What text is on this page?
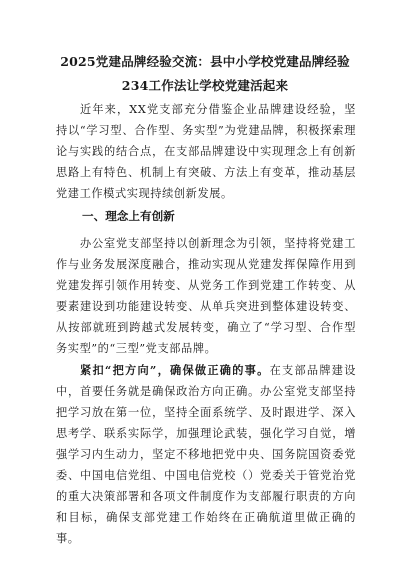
2025党建品牌经验交流：县中小学校党建品牌经验234工作法让学校党建活起来
近年来，XX党支部充分借鉴企业品牌建设经验，坚持以“学习型、合作型、务实型”为党建品牌，积极探索理论与实践的结合点，在支部品牌建设中实现理念上有创新思路上有特色、机制上有突破、方法上有变革，推动基层党建工作模式实现持续创新发展。
一、理念上有创新
办公室党支部坚持以创新理念为引领，坚持将党建工作与业务发展深度融合，推动实现从党建发挥保障作用到党建发挥引领作用转变、从党务工作到党建工作转变、从要素建设到功能建设转变、从单兵突进到整体建设转变、从按部就班到跨越式发展转变，确立了“学习型、合作型务实型”的“三型”党支部品牌。
紧扣“把方向”，确保做正确的事。在支部品牌建设中，首要任务就是确保政治方向正确。办公室党支部坚持把学习放在第一位，坚持全面系统学、及时跟进学、深入思考学、联系实际学，加强理论武装，强化学习自觉，增强学习内生动力，坚定不移地把党中央、国务院国资委党委、中国电信党组、中国电信党校（）党委关于管党治党的重大决策部署和各项文件制度作为支部履行职责的方向和目标，确保支部党建工作始终在正确航道里做正确的事。
